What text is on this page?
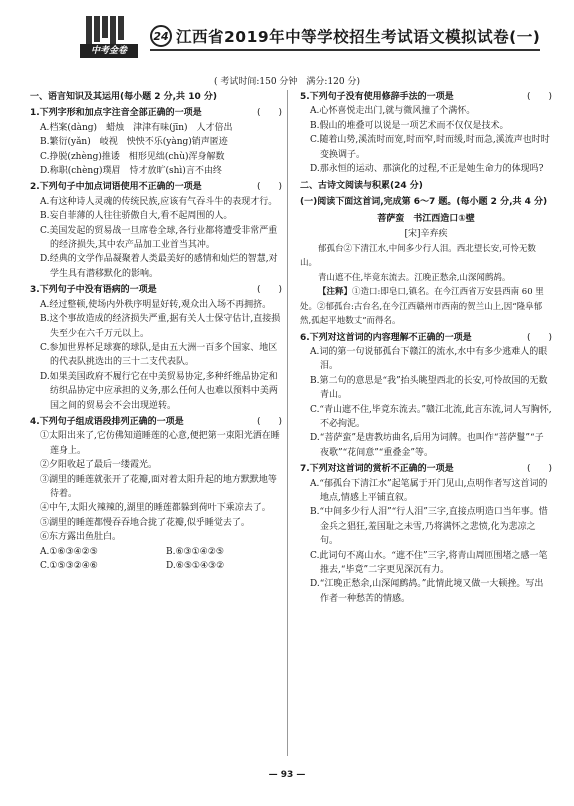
中考金卷
24 江西省2019年中等学校招生考试语文模拟试卷(一)
( 考试时间:150 分钟　满分:120 分)
一、语言知识及其运用(每小题 2 分,共 10 分)
1.下列字形和加点字注音全部正确的一项是	(　　)
A.档案(dàng)　蜡烛　津津有味(jīn)　人才倍出
B.繁衍(yǎn)　岐视　怏怏不乐(yàng)销声匿迹
C.挣脱(zhèng)推诿　相形见绌(chù)浑身解数
D.称职(chèng)璞眉　恃才放旷(shì)言不由终
2.下列句子中加点词语使用不正确的一项是	(　　)
A.有这种诗人灵魂的传统民族,应该有气吞斗牛的表现才行。
B.妄自菲薄的人往往骄傲自大,看不起周围的人。
C.美国发起的贸易战一旦席卷全球,各行业都将遭受非常严重的经济损失,其中农产品加工业首当其冲。
D.经典的文学作品凝聚着人类最美好的感情和灿烂的智慧,对学生具有潜移默化的影响。
3.下列句子中没有语病的一项是	(　　)
A.经过整顿,使场内外秩序明显好转,观众出入场不再拥挤。
B.这个事故造成的经济损失严重,据有关人士保守估计,直接损失至少在六千万元以上。
C.参加世界杯足球赛的球队,是由五大洲一百多个国家、地区的代表队挑选出的三十二支代表队。
D.如果美国政府不履行它在中美贸易协定,多种纤维品协定和纺织品协定中应承担的义务,那么任何人也难以预料中美两国之间的贸易会不会出现逆转。
4.下列句子组成语段排列正确的一项是	(　　)
①太阳出来了,它仿佛知道睡莲的心意,便把第一束阳光洒在睡莲身上。
②夕阳收起了最后一缕霞光。
③湖里的睡莲就张开了花瓣,面对着太阳升起的地方默默地等待着。
④中午,太阳火辣辣的,湖里的睡莲都躲到荷叶下乘凉去了。
⑤湖里的睡莲都慢吞吞地合拢了花瓣,似乎睡觉去了。
⑥东方露出鱼肚白。
A.①⑥③④②⑤	B.⑥③①④②⑤
C.①⑤③②④⑥	D.⑥⑤①④③②
5.下列句子没有使用修辞手法的一项是	(　　)
A.心怀喜悦走出门,就与微风撞了个满怀。
B.假山的堆叠可以说是一项艺术而不仅仅是技术。
C.随着山势,溪流时而宽,时而窄,时而缓,时而急,溪流声也时时变换调子。
D.那永恒的运动、那演化的过程,不正是她生命力的体现吗?
二、古诗文阅读与积累(24 分)
(一)阅读下面这首词,完成第 6～7 题。(每小题 2 分,共 4 分)
菩萨蛮　书江西造口①壁
[宋]辛弃疾
郁孤台②下清江水,中间多少行人泪。西北望长安,可怜无数山。
青山遮不住,毕竟东流去。江晚正愁余,山深闻鹧鸪。
【注释】①造口:即皂口,镇名。在今江西省万安县西南 60 里处。②郁孤台:古台名,在今江西赣州市西南的贺兰山上,因“隆阜郁然,孤起平地数丈”而得名。
6.下列对这首词的内容理解不正确的一项是	(　　)
A.词的第一句说郁孤台下赣江的流水,水中有多少逃难人的眼泪。
B.第二句的意思是“我”抬头眺望西北的长安,可怜故国的无数青山。
C.“青山遮不住,毕竟东流去。”赣江北流,此言东流,词人写胸怀,不必拘泥。
D.“菩萨蛮”是唐教坊曲名,后用为词牌。也叫作“菩萨鬘”“子夜歌”“花间意”“重叠金”等。
7.下列对这首词的赏析不正确的一项是	(　　)
A.“郁孤台下清江水”起笔属于开门见山,点明作者写这首词的地点,情感上平铺直叙。
B.“中间多少行人泪”“行人泪”三字,直接点明造口当年事。惜金兵之猖狂,羞国耻之未雪,乃将满怀之悲愤,化为悲凉之句。
C.此词句不离山水。“遮不住”三字,将青山周匝围堵之感一笔推去,“毕竟”二字更见深沉有力。
D.“江晚正愁余,山深闻鹧鸪。”此情此境又做一大顿挫。写出作者一种愁苦的情感。
— 93 —
